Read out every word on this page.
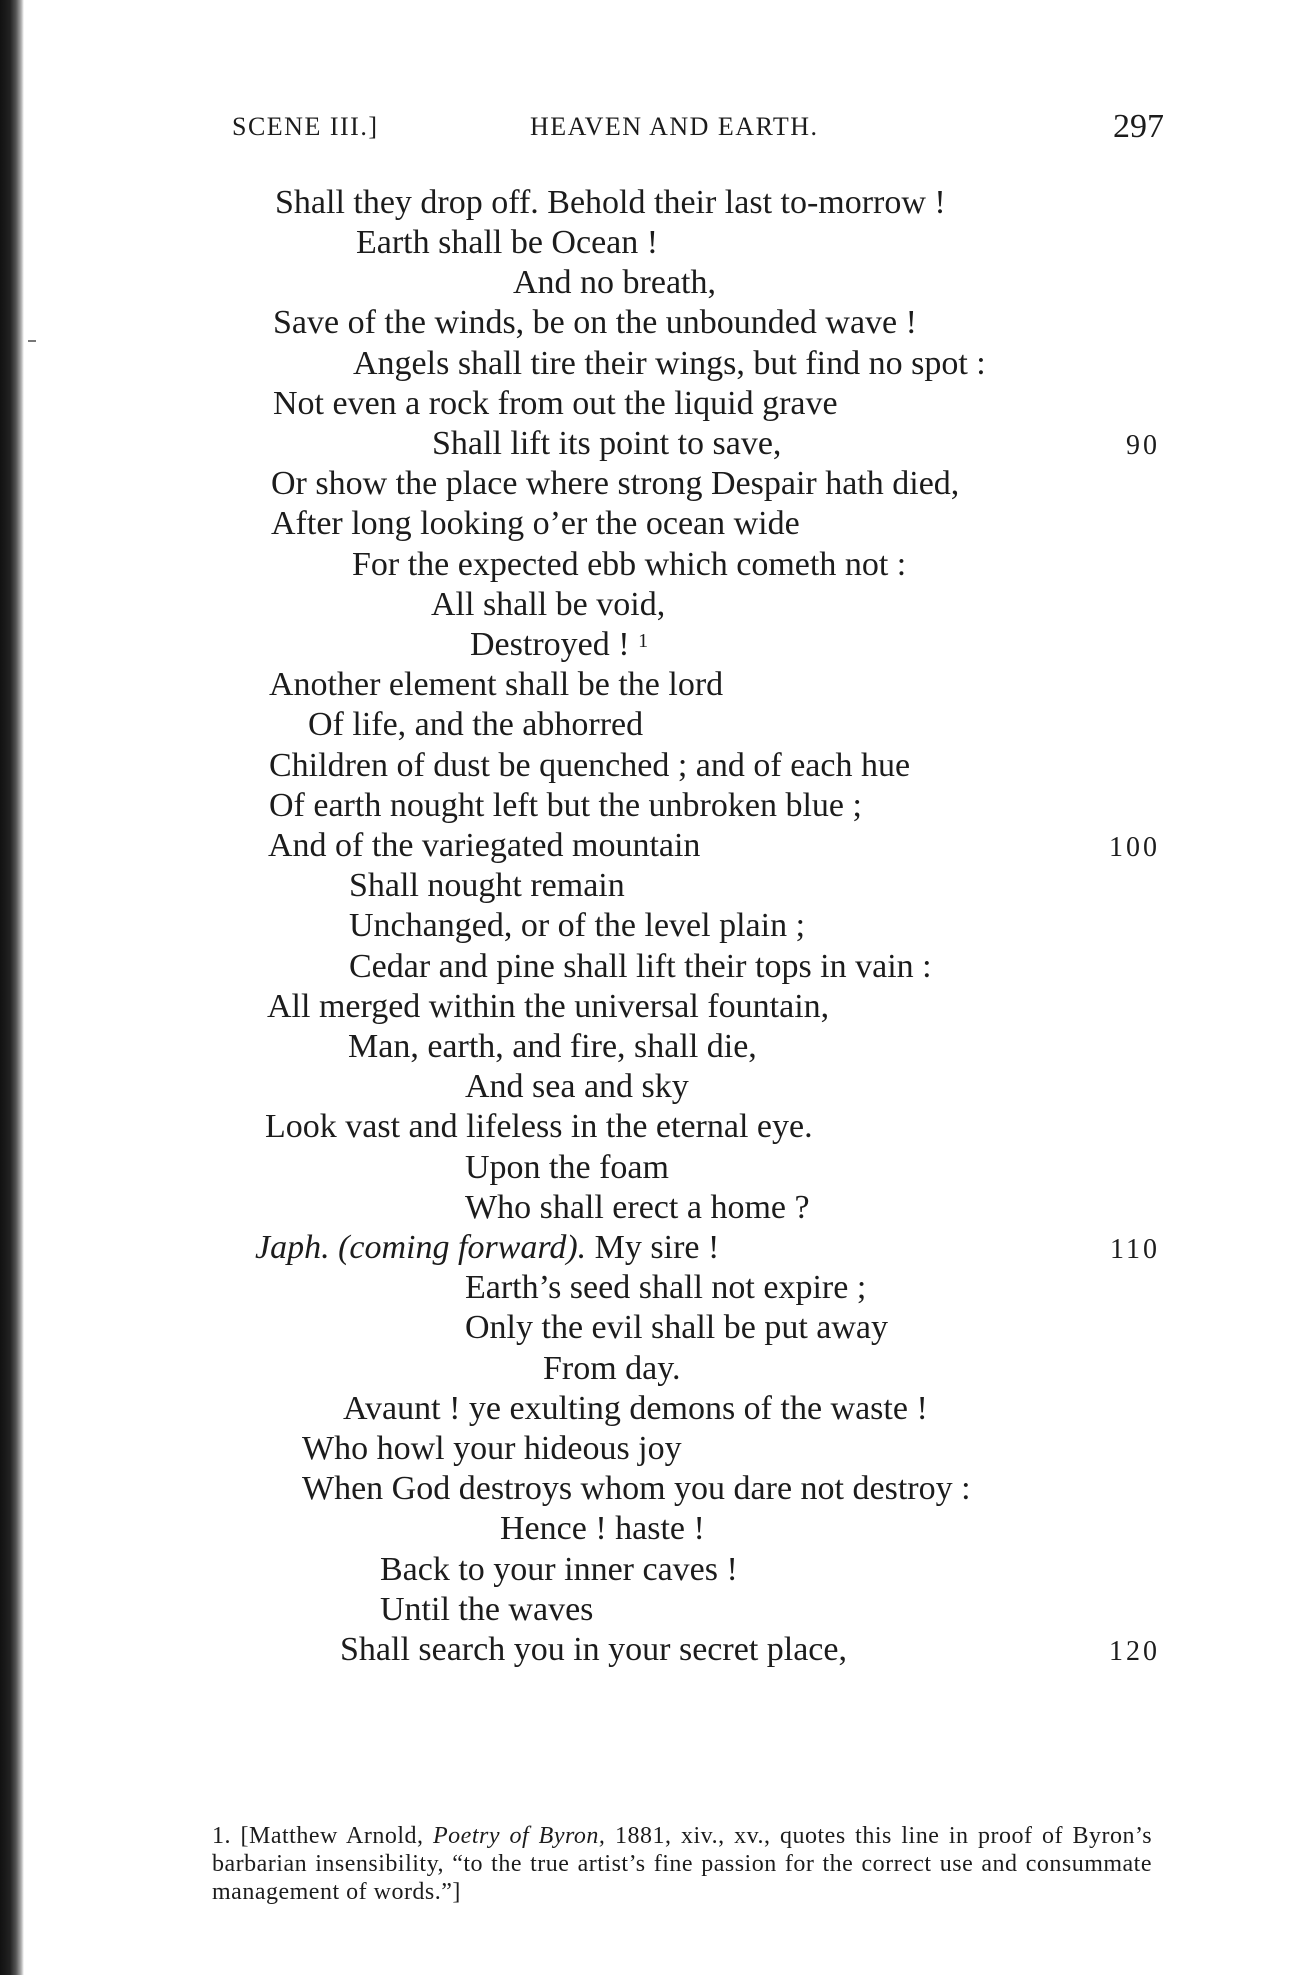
SCENE III.]	HEAVEN AND EARTH.	297
Shall they drop off. Behold their last to-morrow !
Earth shall be Ocean !
And no breath,
Save of the winds, be on the unbounded wave !
Angels shall tire their wings, but find no spot :
Not even a rock from out the liquid grave
Shall lift its point to save,	90
Or show the place where strong Despair hath died,
After long looking o’er the ocean wide
For the expected ebb which cometh not :
All shall be void,
Destroyed ! $^1$
Another element shall be the lord
Of life, and the abhorred
Children of dust be quenched ; and of each hue
Of earth nought left but the unbroken blue ;
And of the variegated mountain	100
Shall nought remain
Unchanged, or of the level plain ;
Cedar and pine shall lift their tops in vain :
All merged within the universal fountain,
Man, earth, and fire, shall die,
And sea and sky
Look vast and lifeless in the eternal eye.
Upon the foam
Who shall erect a home ?
Japh. (coming forward). My sire !	110
Earth’s seed shall not expire ;
Only the evil shall be put away
From day.
Avaunt ! ye exulting demons of the waste !
Who howl your hideous joy
When God destroys whom you dare not destroy :
Hence ! haste !
Back to your inner caves !
Until the waves
Shall search you in your secret place,	120
1. [Matthew Arnold, Poetry of Byron, 1881, xiv., xv., quotes this line in proof of Byron’s barbarian insensibility, “to the true artist’s fine passion for the correct use and consummate management of words.”]
